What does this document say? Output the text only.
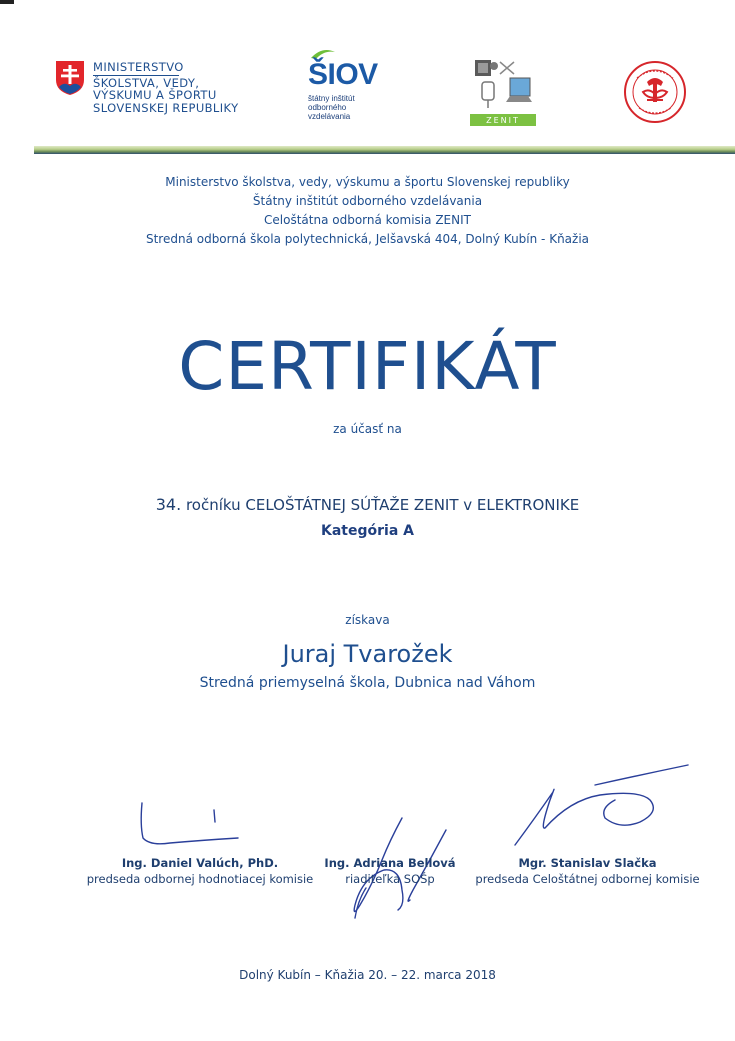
MINISTERSTVO
ŠKOLSTVA, VEDY,
VÝSKUMU A ŠPORTU
SLOVENSKEJ REPUBLIKY
ŠIOV
štátny inštitút
odborného
vzdelávania	ZENIT
Ministerstvo školstva, vedy, výskumu a športu Slovenskej republiky
Štátny inštitút odborného vzdelávania
Celoštátna odborná komisia ZENIT
Stredná odborná škola polytechnická, Jelšavská 404, Dolný Kubín - Kňažia
CERTIFIKÁT
za účasť na
34. ročníku CELOŠTÁTNEJ SÚŤAŽE ZENIT v ELEKTRONIKE
Kategória A
získava
Juraj Tvarožek
Stredná priemyselná škola, Dubnica nad Váhom
Ing. Daniel Valúch, PhD.
predseda odbornej hodnotiacej komisie
Ing. Adriana Bellová
riaditeľka SOŠp
Mgr. Stanislav Slačka
predseda Celoštátnej odbornej komisie
Dolný Kubín – Kňažia 20. – 22. marca 2018
